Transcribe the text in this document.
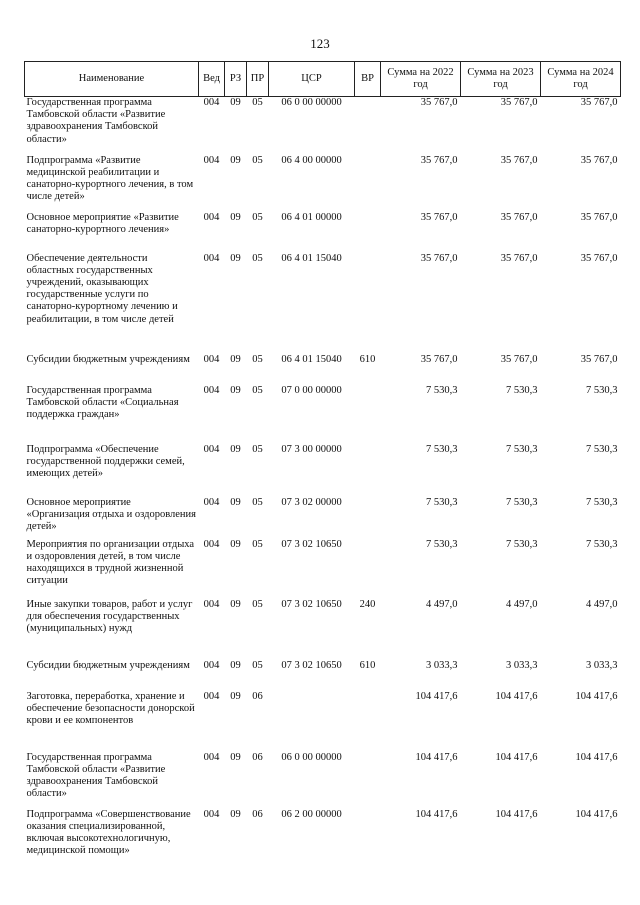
123
Наименование	Вед	РЗ	ПР	ЦСР	ВР	Сумма на 2022 год	Сумма на 2023 год	Сумма на 2024 год
Государственная программа Тамбовской области «Развитие здравоохранения Тамбовской области»	004	09	05	06 0 00 00000		35 767,0	35 767,0	35 767,0
Подпрограмма «Развитие медицинской реабилитации и санаторно-курортного лечения, в том числе детей»	004	09	05	06 4 00 00000		35 767,0	35 767,0	35 767,0
Основное мероприятие «Развитие санаторно-курортного лечения»	004	09	05	06 4 01 00000		35 767,0	35 767,0	35 767,0
Обеспечение деятельности областных государственных учреждений, оказывающих государственные услуги по санаторно-курортному лечению и реабилитации, в том числе детей	004	09	05	06 4 01 15040		35 767,0	35 767,0	35 767,0
Субсидии бюджетным учреждениям	004	09	05	06 4 01 15040	610	35 767,0	35 767,0	35 767,0
Государственная программа Тамбовской области «Социальная поддержка граждан»	004	09	05	07 0 00 00000		7 530,3	7 530,3	7 530,3
Подпрограмма «Обеспечение государственной поддержки семей, имеющих детей»	004	09	05	07 3 00 00000		7 530,3	7 530,3	7 530,3
Основное мероприятие «Организация отдыха и оздоровления детей»	004	09	05	07 3 02 00000		7 530,3	7 530,3	7 530,3
Мероприятия по организации отдыха и оздоровления детей, в том числе находящихся в трудной жизненной ситуации	004	09	05	07 3 02 10650		7 530,3	7 530,3	7 530,3
Иные закупки товаров, работ и услуг для обеспечения государственных (муниципальных) нужд	004	09	05	07 3 02 10650	240	4 497,0	4 497,0	4 497,0
Субсидии бюджетным учреждениям	004	09	05	07 3 02 10650	610	3 033,3	3 033,3	3 033,3
Заготовка, переработка, хранение и обеспечение безопасности донорской крови и ее компонентов	004	09	06			104 417,6	104 417,6	104 417,6
Государственная программа Тамбовской области «Развитие здравоохранения Тамбовской области»	004	09	06	06 0 00 00000		104 417,6	104 417,6	104 417,6
Подпрограмма «Совершенствование оказания специализированной, включая высокотехнологичную, медицинской помощи»	004	09	06	06 2 00 00000		104 417,6	104 417,6	104 417,6
